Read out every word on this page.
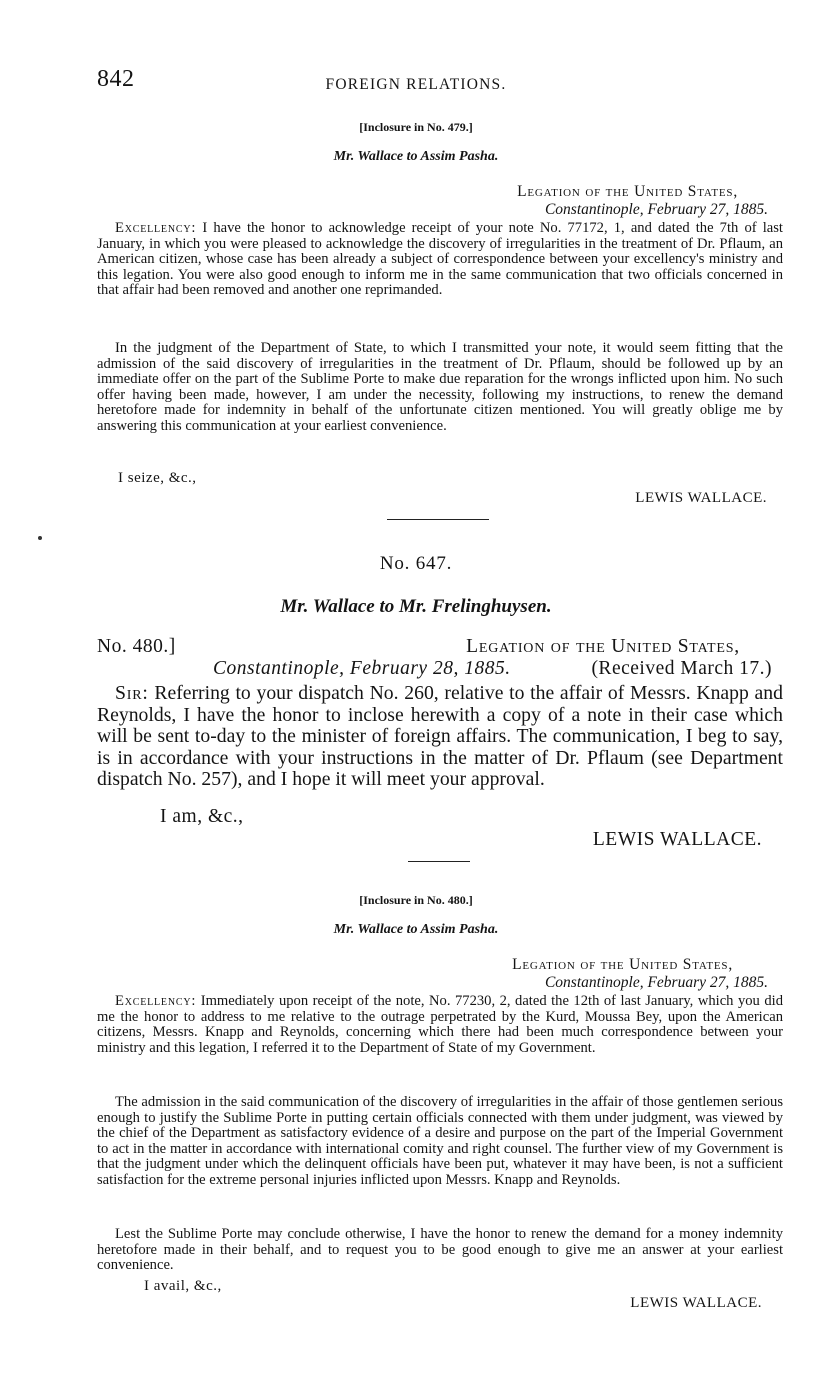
842	FOREIGN RELATIONS.
[Inclosure in No. 479.]
Mr. Wallace to Assim Pasha.
Legation of the United States,
Constantinople, February 27, 1885.

Excellency: I have the honor to acknowledge receipt of your note No. 77172, 1, and dated the 7th of last January, in which you were pleased to acknowledge the discovery of irregularities in the treatment of Dr. Pflaum, an American citizen, whose case has been already a subject of correspondence between your excellency's ministry and this legation. You were also good enough to inform me in the same communication that two officials concerned in that affair had been removed and another one reprimanded.

In the judgment of the Department of State, to which I transmitted your note, it would seem fitting that the admission of the said discovery of irregularities in the treatment of Dr. Pflaum, should be followed up by an immediate offer on the part of the Sublime Porte to make due reparation for the wrongs inflicted upon him. No such offer having been made, however, I am under the necessity, following my instructions, to renew the demand heretofore made for indemnity in behalf of the unfortunate citizen mentioned. You will greatly oblige me by answering this communication at your earliest convenience.

I seize, &c.,
LEWIS WALLACE.
No. 647.
Mr. Wallace to Mr. Frelinghuysen.
No. 480.]	Legation of the United States,
Constantinople, February 28, 1885.	(Received March 17.)

Sir: Referring to your dispatch No. 260, relative to the affair of Messrs. Knapp and Reynolds, I have the honor to inclose herewith a copy of a note in their case which will be sent to-day to the minister of foreign affairs. The communication, I beg to say, is in accordance with your instructions in the matter of Dr. Pflaum (see Department dispatch No. 257), and I hope it will meet your approval.

I am, &c.,
LEWIS WALLACE.
[Inclosure in No. 480.]
Mr. Wallace to Assim Pasha.
Legation of the United States,
Constantinople, February 27, 1885.

Excellency: Immediately upon receipt of the note, No. 77230, 2, dated the 12th of last January, which you did me the honor to address to me relative to the outrage perpetrated by the Kurd, Moussa Bey, upon the American citizens, Messrs. Knapp and Reynolds, concerning which there had been much correspondence between your ministry and this legation, I referred it to the Department of State of my Government.

The admission in the said communication of the discovery of irregularities in the affair of those gentlemen serious enough to justify the Sublime Porte in putting certain officials connected with them under judgment, was viewed by the chief of the Department as satisfactory evidence of a desire and purpose on the part of the Imperial Government to act in the matter in accordance with international comity and right counsel. The further view of my Government is that the judgment under which the delinquent officials have been put, whatever it may have been, is not a sufficient satisfaction for the extreme personal injuries inflicted upon Messrs. Knapp and Reynolds.

Lest the Sublime Porte may conclude otherwise, I have the honor to renew the demand for a money indemnity heretofore made in their behalf, and to request you to be good enough to give me an answer at your earliest convenience.

I avail, &c.,
LEWIS WALLACE.
